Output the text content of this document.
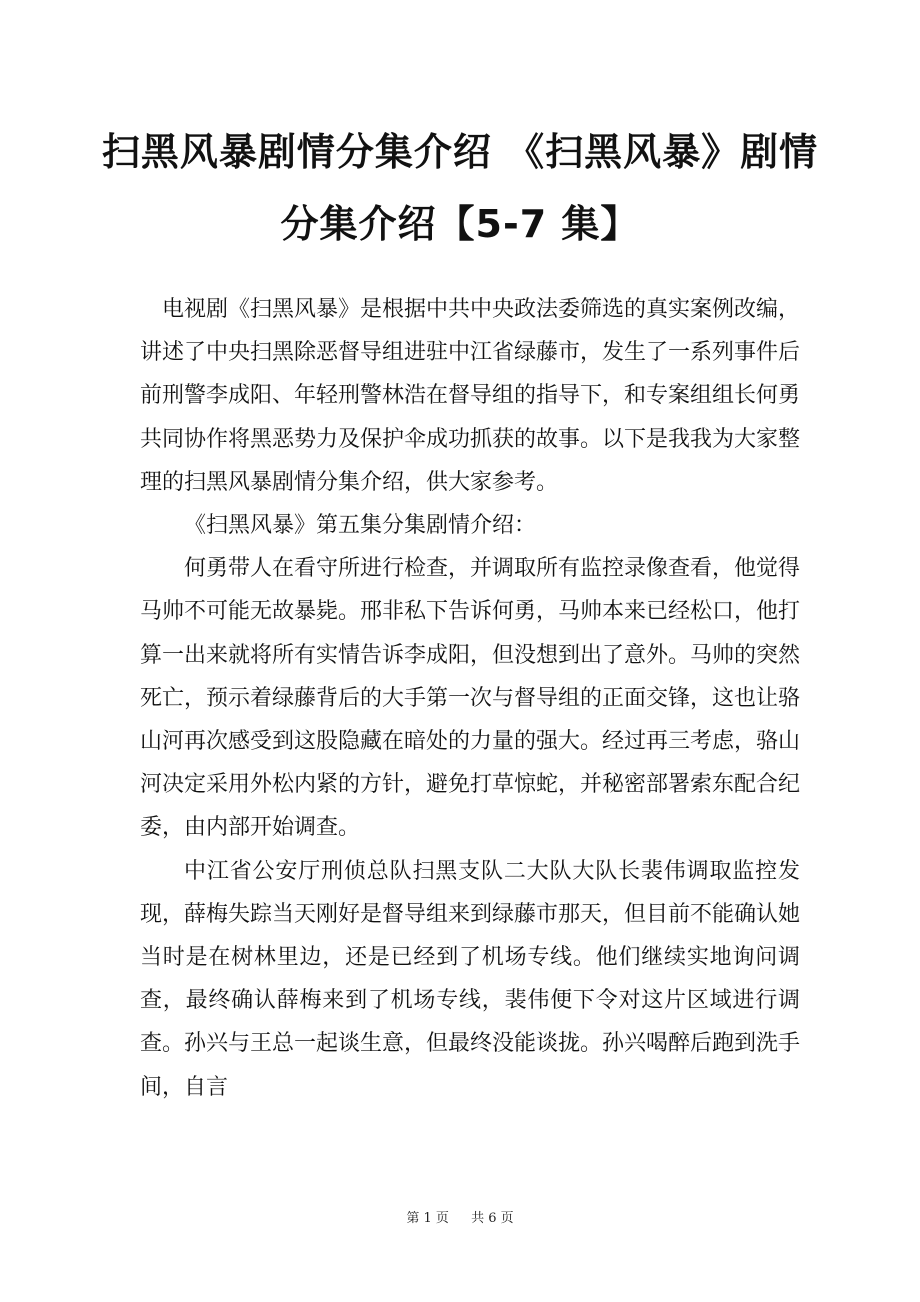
扫黑风暴剧情分集介绍 《扫黑风暴》剧情
分集介绍【5-7 集】

电视剧《扫黑风暴》是根据中共中央政法委筛选的真实案例改编，讲述了中央扫黑除恶督导组进驻中江省绿藤市，发生了一系列事件后前刑警李成阳、年轻刑警林浩在督导组的指导下，和专案组组长何勇共同协作将黑恶势力及保护伞成功抓获的故事。以下是我我为大家整理的扫黑风暴剧情分集介绍，供大家参考。

《扫黑风暴》第五集分集剧情介绍：

何勇带人在看守所进行检查，并调取所有监控录像查看，他觉得马帅不可能无故暴毙。邢非私下告诉何勇，马帅本来已经松口，他打算一出来就将所有实情告诉李成阳，但没想到出了意外。马帅的突然死亡，预示着绿藤背后的大手第一次与督导组的正面交锋，这也让骆山河再次感受到这股隐藏在暗处的力量的强大。经过再三考虑，骆山河决定采用外松内紧的方针，避免打草惊蛇，并秘密部署索东配合纪委，由内部开始调查。

中江省公安厅刑侦总队扫黑支队二大队大队长裴伟调取监控发现，薛梅失踪当天刚好是督导组来到绿藤市那天，但目前不能确认她当时是在树林里边，还是已经到了机场专线。他们继续实地询问调查，最终确认薛梅来到了机场专线，裴伟便下令对这片区域进行调查。孙兴与王总一起谈生意，但最终没能谈拢。孙兴喝醉后跑到洗手间，自言

第 1 页 共 6 页
